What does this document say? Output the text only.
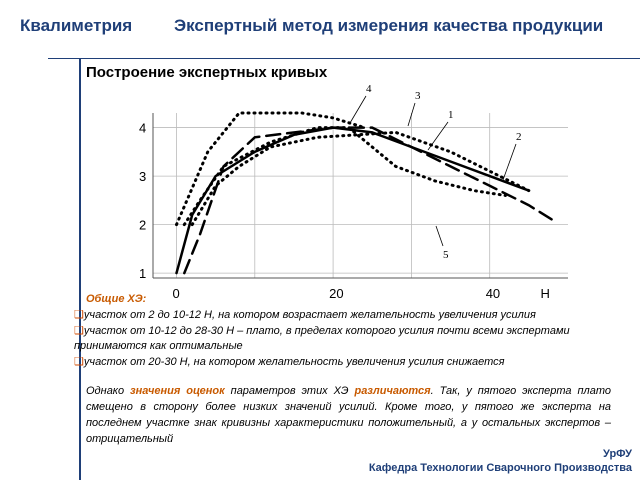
Квалиметрия Экспертный метод измерения качества продукции
Построение экспертных кривых
1
2
3
4
0	20	40	Н
4
3
1
2
5
Общие ХЭ:
❑участок от 2 до 10-12 Н, на котором возрастает желательность увеличения усилия
❑участок от 10-12 до 28-30 Н – плато, в пределах которого усилия почти всеми экспертами принимаются как оптимальные
❑участок от 20-30 Н, на котором желательность увеличения усилия снижается
Однако значения оценок параметров этих ХЭ различаются. Так, у пятого эксперта плато смещено в сторону более низких значений усилий. Кроме того, у пятого же эксперта на последнем участке знак кривизны характеристики положительный, а у остальных экспертов – отрицательный
УрФУ
Кафедра Технологии Сварочного Производства
